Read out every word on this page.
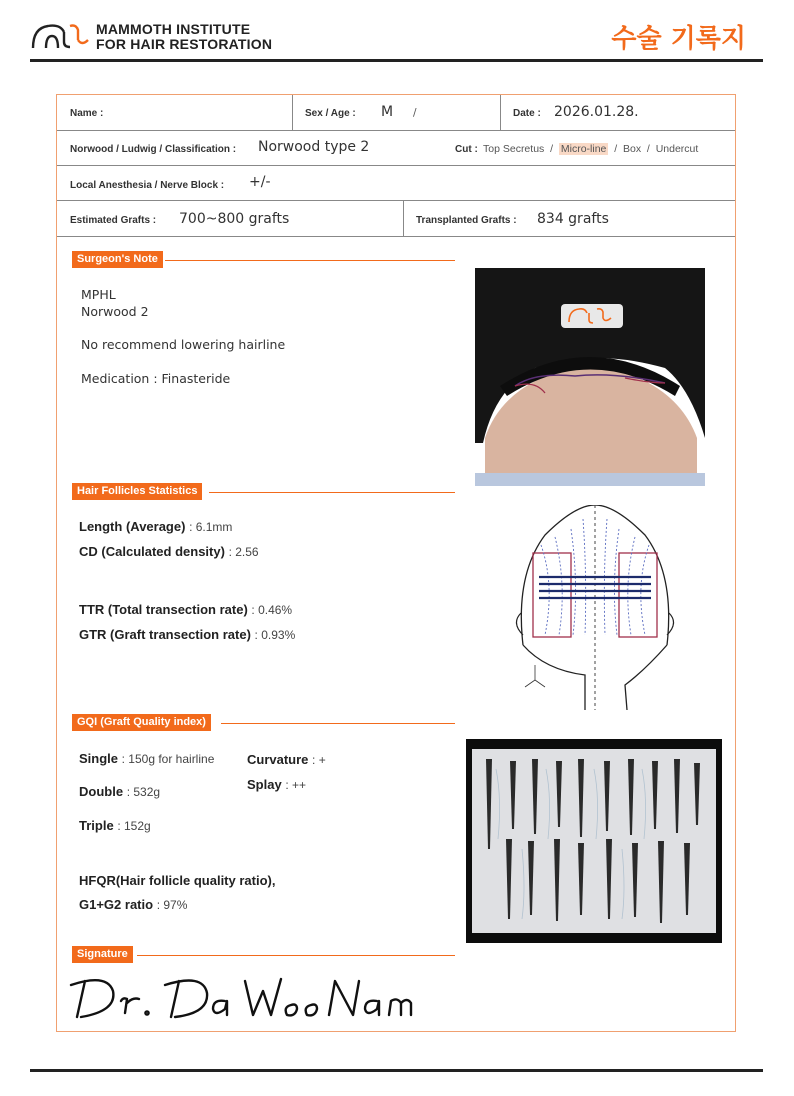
MAMMOTH INSTITUTE
FOR HAIR RESTORATION	수술 기록지
Name :	Sex / Age : M /	Date : 2026.01.28.
Norwood / Ludwig / Classification : Norwood type 2	Cut : Top Secretus  /  Micro-line  /  Box  /  Undercut
Local Anesthesia / Nerve Block : +/-
Estimated Grafts : 700~800 grafts	Transplanted Grafts : 834 grafts
Surgeon's Note
MPHL
Norwood 2
No recommend lowering hairline
Medication : Finasteride
Hair Follicles Statistics
Length (Average) : 6.1mm
CD (Calculated density) : 2.56
TTR (Total transection rate) : 0.46%
GTR (Graft transection rate) : 0.93%
GQI (Graft Quality index)
Single : 150g for hairline	Curvature : +
Splay : ++
Double : 532g
Triple : 152g
HFQR(Hair follicle quality ratio),
G1+G2 ratio : 97%
Signature
